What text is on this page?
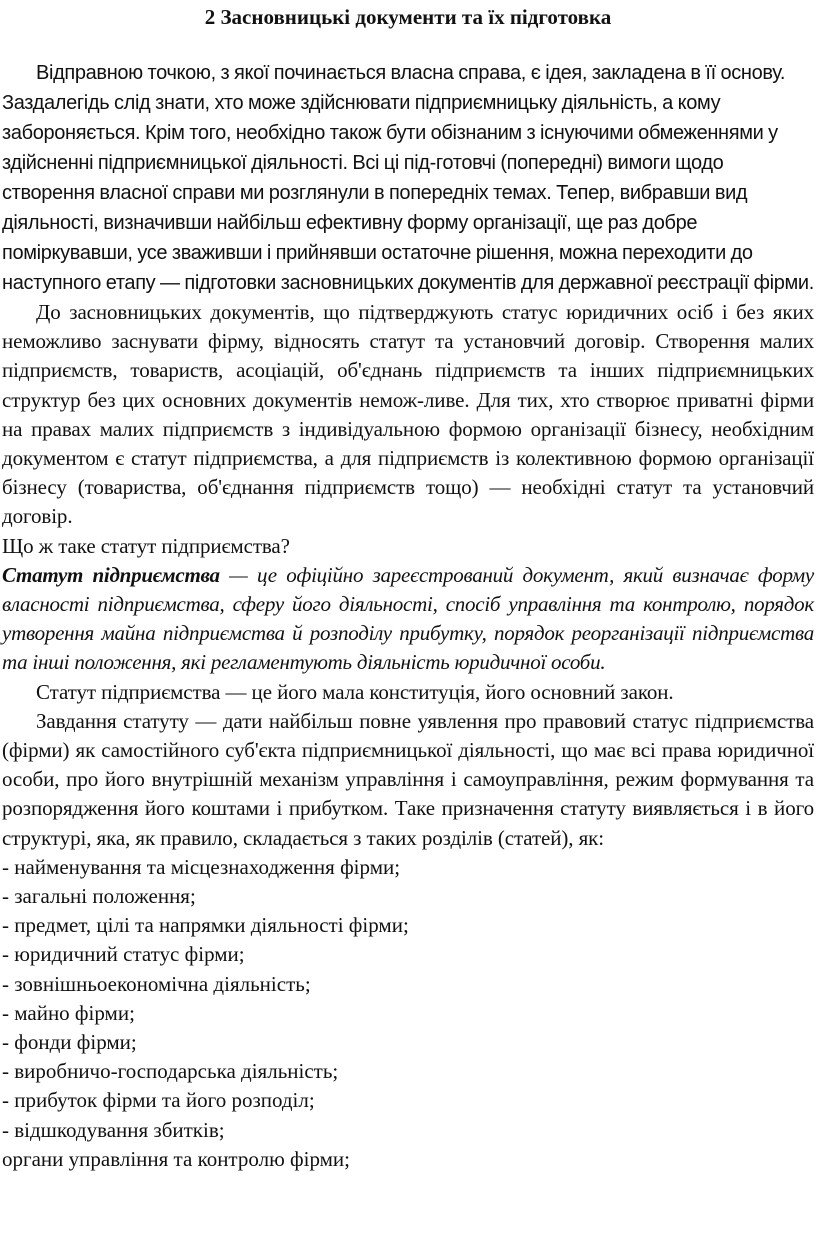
2 Засновницькі документи та їх підготовка

Відправною точкою, з якої починається власна справа, є ідея, закладена в її основу. Заздалегідь слід знати, хто може здійснювати підприємницьку діяльність, а кому забороняється. Крім того, необхідно також бути обізнаним з існуючими обмеженнями у здійсненні підприємницької діяльності. Всі ці під-готовчі (попередні) вимоги щодо створення власної справи ми розглянули в попередніх темах. Тепер, вибравши вид діяльності, визначивши найбільш ефективну форму організації, ще раз добре поміркувавши, усе зваживши і прийнявши остаточне рішення, можна переходити до наступного етапу — підготовки засновницьких документів для державної реєстрації фірми.

До засновницьких документів, що підтверджують статус юридичних осіб і без яких неможливо заснувати фірму, відносять статут та установчий договір. Створення малих підприємств, товариств, асоціацій, об'єднань підприємств та інших підприємницьких структур без цих основних документів немож-ливе. Для тих, хто створює приватні фірми на правах малих підприємств з індивідуальною формою організації бізнесу, необхідним документом є статут підприємства, а для підприємств із колективною формою організації бізнесу (товариства, об'єднання підприємств тощо) — необхідні статут та установчий договір.

Що ж таке статут підприємства?

Статут підприємства — це офіційно зареєстрований документ, який визначає форму власності підприємства, сферу його діяльності, спосіб управління та контролю, порядок утворення майна підприємства й розподілу прибутку, порядок реорганізації підприємства та інші положення, які регламентують діяльність юридичної особи.

Статут підприємства — це його мала конституція, його основний закон.

Завдання статуту — дати найбільш повне уявлення про правовий статус підприємства (фірми) як самостійного суб'єкта підприємницької діяльності, що має всі права юридичної особи, про його внутрішній механізм управління і самоуправління, режим формування та розпорядження його коштами і прибутком. Таке призначення статуту виявляється і в його структурі, яка, як правило, складається з таких розділів (статей), як:

- найменування та місцезнаходження фірми;
- загальні положення;
- предмет, цілі та напрямки діяльності фірми;
- юридичний статус фірми;
- зовнішньоекономічна діяльність;
- майно фірми;
- фонди фірми;
- виробничо-господарська діяльність;
- прибуток фірми та його розподіл;
- відшкодування збитків;
органи управління та контролю фірми;
